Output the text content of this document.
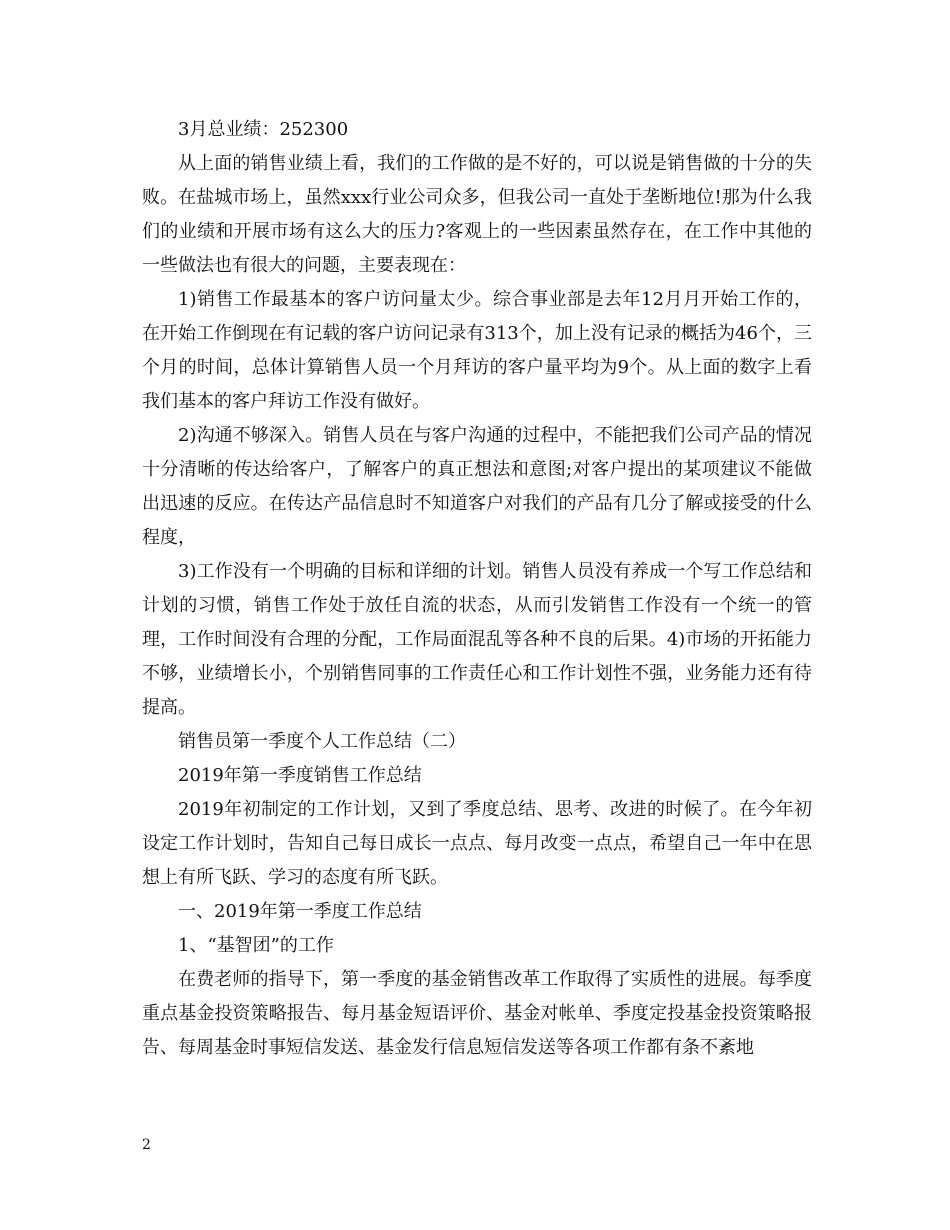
3月总业绩：252300

从上面的销售业绩上看，我们的工作做的是不好的，可以说是销售做的十分的失败。在盐城市场上，虽然xxx行业公司众多，但我公司一直处于垄断地位!那为什么我们的业绩和开展市场有这么大的压力?客观上的一些因素虽然存在，在工作中其他的一些做法也有很大的问题，主要表现在：

1)销售工作最基本的客户访问量太少。综合事业部是去年12月月开始工作的，在开始工作倒现在有记载的客户访问记录有313个，加上没有记录的概括为46个，三个月的时间，总体计算销售人员一个月拜访的客户量平均为9个。从上面的数字上看我们基本的客户拜访工作没有做好。

2)沟通不够深入。销售人员在与客户沟通的过程中，不能把我们公司产品的情况十分清晰的传达给客户，了解客户的真正想法和意图;对客户提出的某项建议不能做出迅速的反应。在传达产品信息时不知道客户对我们的产品有几分了解或接受的什么程度，

3)工作没有一个明确的目标和详细的计划。销售人员没有养成一个写工作总结和计划的习惯，销售工作处于放任自流的状态，从而引发销售工作没有一个统一的管理，工作时间没有合理的分配，工作局面混乱等各种不良的后果。4)市场的开拓能力不够，业绩增长小，个别销售同事的工作责任心和工作计划性不强，业务能力还有待提高。

销售员第一季度个人工作总结（二）

2019年第一季度销售工作总结

2019年初制定的工作计划，又到了季度总结、思考、改进的时候了。在今年初设定工作计划时，告知自己每日成长一点点、每月改变一点点，希望自己一年中在思想上有所飞跃、学习的态度有所飞跃。

一、2019年第一季度工作总结

1、“基智团”的工作

在费老师的指导下，第一季度的基金销售改革工作取得了实质性的进展。每季度重点基金投资策略报告、每月基金短语评价、基金对帐单、季度定投基金投资策略报告、每周基金时事短信发送、基金发行信息短信发送等各项工作都有条不紊地

2
